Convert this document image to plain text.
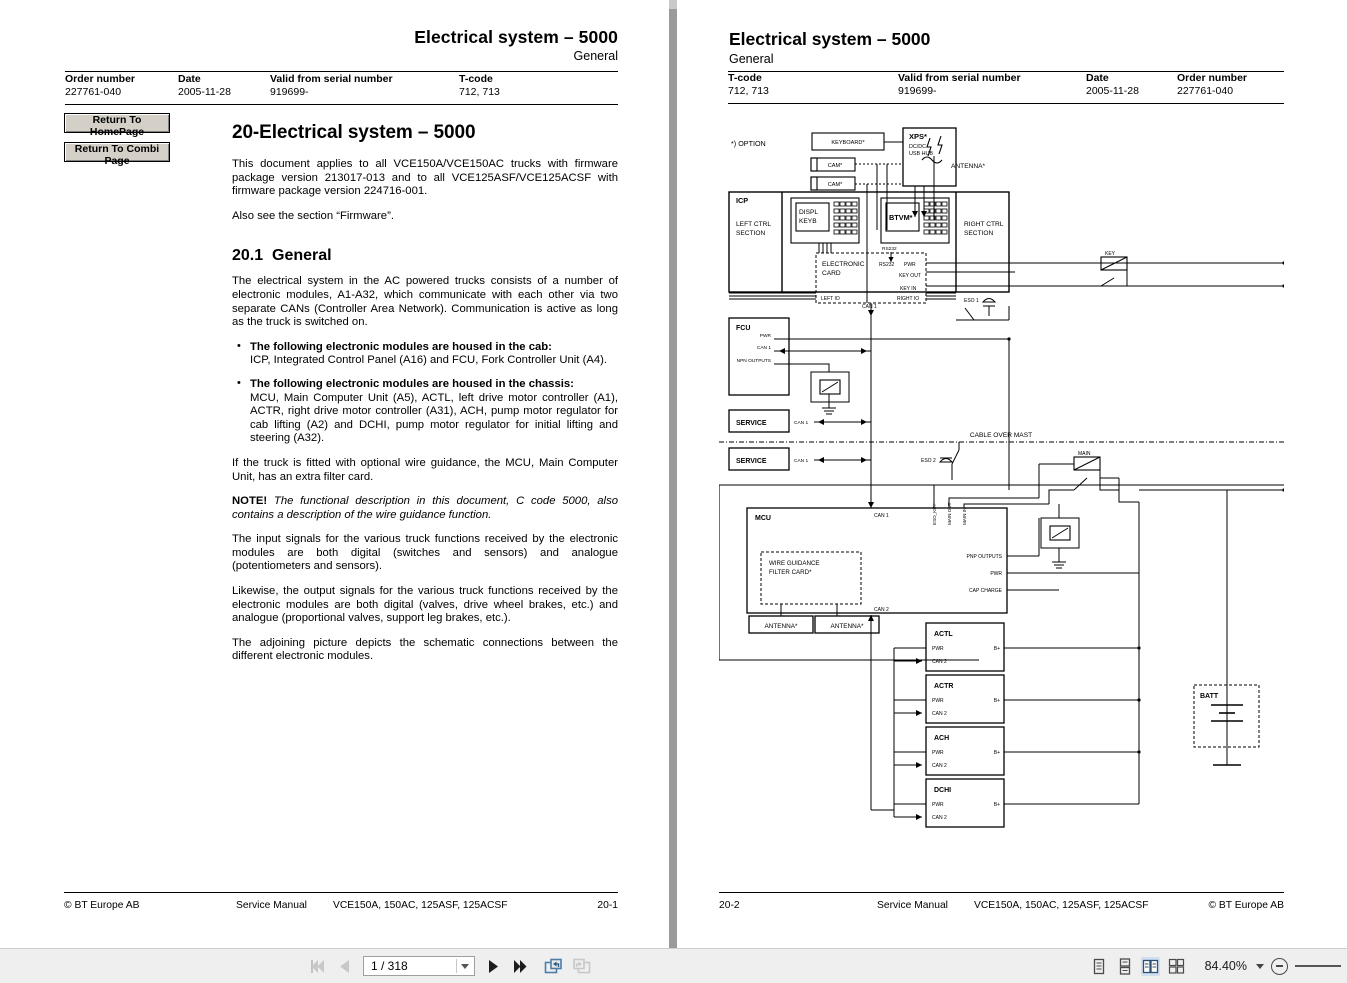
Electrical system – 5000
General
Order number
227761-040
Date
2005-11-28
Valid from serial number
919699-
T-code
712, 713
Return To HomePage
Return To Combi Page
20-Electrical system – 5000

This document applies to all VCE150A/VCE150AC trucks with firmware package version 213017-013 and to all VCE125ASF/VCE125ACSF with firmware package version 224716-001.

Also see the section “Firmware”.

20.1 General

The electrical system in the AC powered trucks consists of a number of electronic modules, A1-A32, which communicate with each other via two separate CANs (Controller Area Network). Communication is active as long as the truck is switched on.

• The following electronic modules are housed in the cab:
ICP, Integrated Control Panel (A16) and FCU, Fork Controller Unit (A4).
• The following electronic modules are housed in the chassis:
MCU, Main Computer Unit (A5), ACTL, left drive motor controller (A1), ACTR, right drive motor controller (A31), ACH, pump motor regulator for cab lifting (A2) and DCHI, pump motor regulator for initial lifting and steering (A32).

If the truck is fitted with optional wire guidance, the MCU, Main Computer Unit, has an extra filter card.

NOTE! The functional description in this document, C code 5000, also contains a description of the wire guidance function.

The input signals for the various truck functions received by the electronic modules are both digital (switches and sensors) and analogue (potentiometers and sensors).

Likewise, the output signals for the various truck functions received by the electronic modules are both digital (valves, drive wheel brakes, etc.) and analogue (proportional valves, support leg brakes, etc.).

The adjoining picture depicts the schematic connections between the different electronic modules.

© BT Europe AB	Service Manual	VCE150A, 150AC, 125ASF, 125ACSF	20-1
Electrical system – 5000
General
T-code
712, 713
Valid from serial number
919699-
Date
2005-11-28
Order number
227761-040
*) OPTION	KEYBOARD*
CAM*
CAM*
XPS*
DC/DC
USB HUB
ANTENNA*
ICP
LEFT CTRL
SECTION
RIGHT CTRL
SECTION
DISPL
KEYB	BTVM*
RS232
ELECTRONIC
CARD
RS232 PWR
KEY OUT
KEY IN
RIGHT IO
LEFT IO
CAN 1
KEY
ESO 1
FCU
PWR
CAN 1
NPN OUTPUTS
SERVICE	CAN 1
CABLE OVER MAST
SERVICE	CAN 1	ESO 2
MCU	CAN 1	ESO_KEY MAIN OUT MAIN IN
PNP OUTPUTS
PWR
CAP CHARGE
WIRE GUIDANCE
FILTER CARD*
ANTENNA*	ANTENNA*
CAN 2
MAIN
ACTL
PWR
CAN 2
B+
ACTR
PWR
CAN 2
B+
ACH
PWR
CAN 2
B+
DCHI
PWR
CAN 2
B+
BATT
20-2	Service Manual	VCE150A, 150AC, 125ASF, 125ACSF	© BT Europe AB
1 / 318	84.40%
